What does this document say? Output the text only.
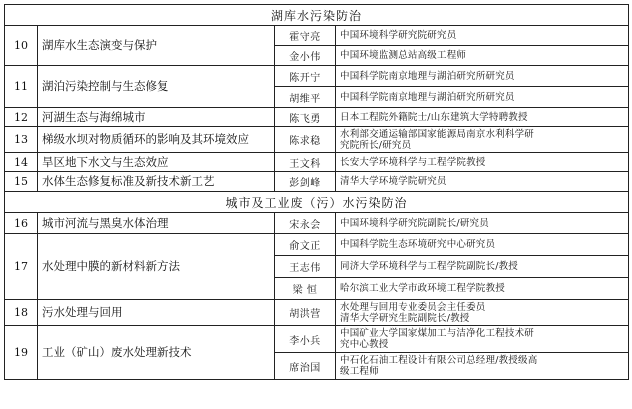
湖库水污染防治			
10	湖库水生态演变与保护	霍守亮	中国环境科学研究院研究员
		金小伟	中国环境监测总站高级工程师
11	湖泊污染控制与生态修复	陈开宁	中国科学院南京地理与湖泊研究所研究员
		胡维平	中国科学院南京地理与湖泊研究所研究员
12	河湖生态与海绵城市	陈飞勇	日本工程院外籍院士/山东建筑大学特聘教授
13	梯级水坝对物质循环的影响及其环境效应	陈求稳	水利部交通运输部国家能源局南京水利科学研
究院所长/研究员

14	旱区地下水文与生态效应	王文科	长安大学环境科学与工程学院教授
15	水体生态修复标准及新技术新工艺	彭剑峰	清华大学环境学院研究员
城市及工业废（污）水污染防治			
16	城市河流与黑臭水体治理	宋永会	中国环境科学研究院副院长/研究员
17	水处理中膜的新材料新方法	俞文正	中国科学院生态环境研究中心研究员
		王志伟	同济大学环境科学与工程学院副院长/教授
		梁 恒	哈尔滨工业大学市政环境工程学院教授
18	污水处理与回用	胡洪营	水处理与回用专业委员会主任委员
清华大学研究生院副院长/教授

19	工业（矿山）废水处理新技术	李小兵	中国矿业大学国家煤加工与洁净化工程技术研
究中心教授

		席治国	中石化石油工程设计有限公司总经理/教授级高
级工程师
